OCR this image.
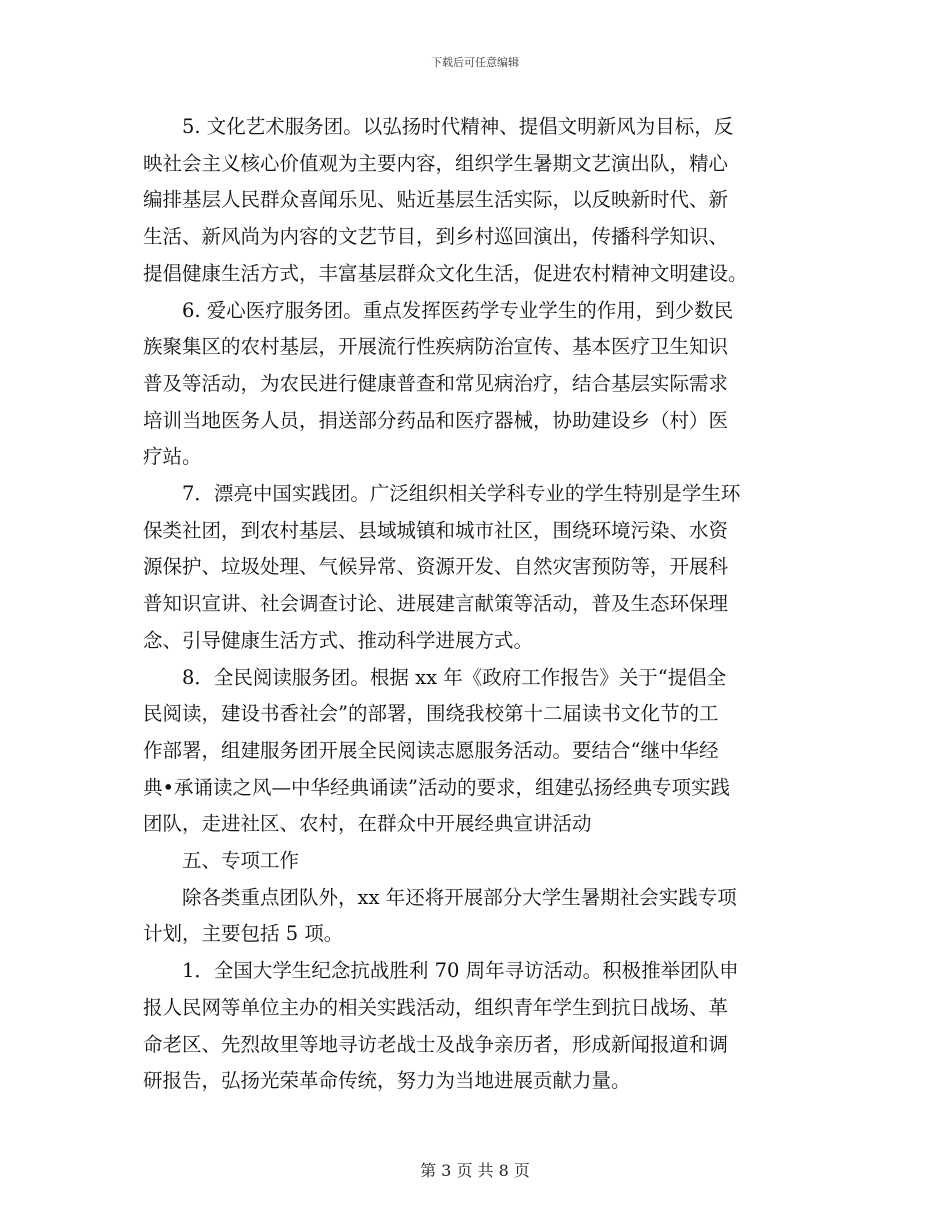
下载后可任意编辑
5. 文化艺术服务团。以弘扬时代精神、提倡文明新风为目标，反
映社会主义核心价值观为主要内容，组织学生暑期文艺演出队，精心
编排基层人民群众喜闻乐见、贴近基层生活实际，以反映新时代、新
生活、新风尚为内容的文艺节目，到乡村巡回演出，传播科学知识、
提倡健康生活方式，丰富基层群众文化生活，促进农村精神文明建设。
6. 爱心医疗服务团。重点发挥医药学专业学生的作用，到少数民
族聚集区的农村基层，开展流行性疾病防治宣传、基本医疗卫生知识
普及等活动，为农民进行健康普查和常见病治疗，结合基层实际需求
培训当地医务人员，捐送部分药品和医疗器械，协助建设乡（村）医
疗站。
7．漂亮中国实践团。广泛组织相关学科专业的学生特别是学生环
保类社团，到农村基层、县域城镇和城市社区，围绕环境污染、水资
源保护、垃圾处理、气候异常、资源开发、自然灾害预防等，开展科
普知识宣讲、社会调查讨论、进展建言献策等活动，普及生态环保理
念、引导健康生活方式、推动科学进展方式。
8．全民阅读服务团。根据 xx 年《政府工作报告》关于“提倡全
民阅读，建设书香社会”的部署，围绕我校第十二届读书文化节的工
作部署，组建服务团开展全民阅读志愿服务活动。要结合“继中华经
典•承诵读之风—中华经典诵读”活动的要求，组建弘扬经典专项实践
团队，走进社区、农村，在群众中开展经典宣讲活动
五、专项工作
除各类重点团队外，xx 年还将开展部分大学生暑期社会实践专项
计划，主要包括 5 项。
1．全国大学生纪念抗战胜利 70 周年寻访活动。积极推举团队申
报人民网等单位主办的相关实践活动，组织青年学生到抗日战场、革
命老区、先烈故里等地寻访老战士及战争亲历者，形成新闻报道和调
研报告，弘扬光荣革命传统，努力为当地进展贡献力量。
第 3 页 共 8 页
